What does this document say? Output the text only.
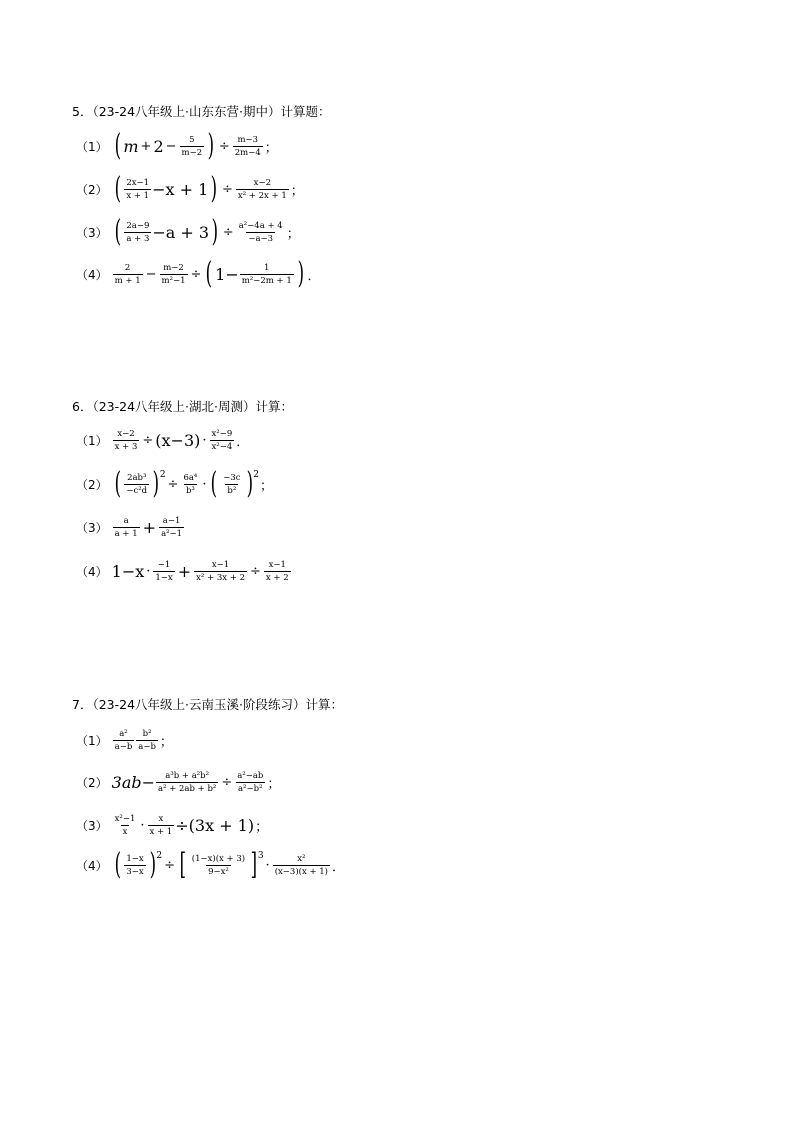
5．（23-24八年级上·山东东营·期中）计算题：
（1） ( $m + 2 - \frac{5}{m-2}$ ) ÷ $\frac{m-3}{2m-4}$ ；
（2） ( $\frac{2x-1}{x + 1} -x + 1$ ) ÷ $\frac{x-2}{\text{x² + 2x + 1}}$ ；
（3） ( $\frac{2a-9}{a + 3} -a + 3$ ) ÷ $\frac{\text{a²−4a + 4}}{-a-3}$ ；
$(4) \frac{2}{m + 1} - \frac{m-2}{\text{m²−1}}$ ÷ ( $1- \frac{1}{\text{m²−2m + 1}}$ ) ．
6．（23-24八年级上·湖北·周测）计算：
$(1) \frac{x-2}{x + 3} \div (x-3) \cdot \frac{\text{x²−9}}{\text{x²−4}}$ ．
（2） ( $\frac{\text{2ab³}}{\text{−c²d}}$ ) 2
÷ $\frac{\text{6a⁴}}{\text{b³}}$ · ( $\frac{-3c}{\text{b²}}$ ) 2
；
$(3) \frac{a}{a + 1} + \frac{a-1}{\text{a²−1}}$
（4） $1-x \cdot \frac{-1}{1-x} + \frac{x-1}{\text{x² + 3x + 2}} \div \frac{x-1}{x + 2}$
7．（23-24八年级上·云南玉溪·阶段练习）计算：
$(1) \frac{\text{a²}}{a-b} \frac{\text{b²}}{a-b}$ ；
（2） $3ab- \frac{\text{a³b + a²b²}}{\text{a² + 2ab + b²}} \div \frac{\text{a²−ab}}{\text{a²−b²}}$ ；
$(3) \frac{\text{x²−1}}{x} \cdot \frac{x}{x + 1} \div(3x + 1)$ ；
（4） ( $\frac{1-x}{3-x}$ ) 2
÷ [ $\frac{(1-x)(x + 3)}{\text{9−x²}}$ ] 3
· $\frac{\text{x²}}{(x-3)(x + 1)}$ ．
